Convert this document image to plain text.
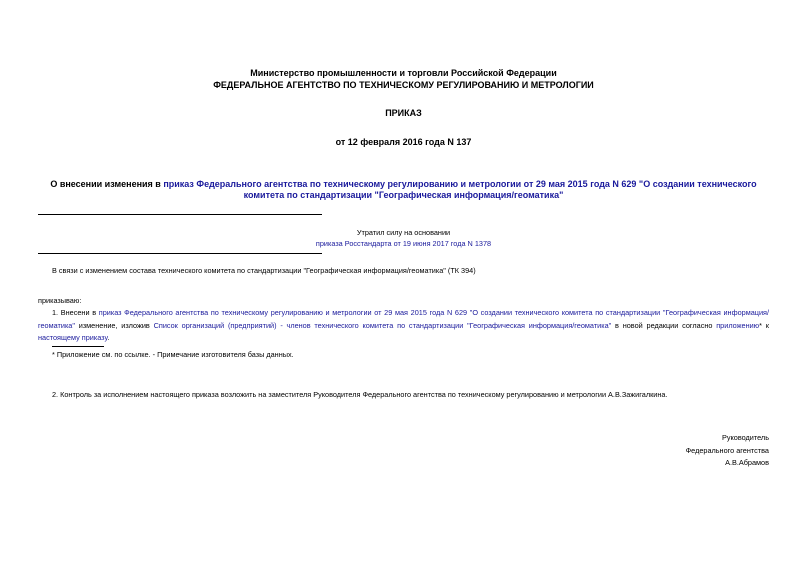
Министерство промышленности и торговли Российской Федерации
ФЕДЕРАЛЬНОЕ АГЕНТСТВО ПО ТЕХНИЧЕСКОМУ РЕГУЛИРОВАНИЮ И МЕТРОЛОГИИ
ПРИКАЗ
от 12 февраля 2016 года N 137
О внесении изменения в приказ Федерального агентства по техническому регулированию и метрологии от 29 мая 2015 года N 629 "О создании технического
комитета по стандартизации "Географическая информация/геоматика"
Утратил силу на основании
приказа Росстандарта от 19 июня 2017 года N 1378
В связи с изменением состава технического комитета по стандартизации "Географическая информация/геоматика" (ТК 394)
приказываю:
1. Внесени в приказ Федерального агентства по техническому регулированию и метрологии от 29 мая 2015 года N 629 "О создании технического комитета по стандартизации "Географическая информация/геоматика" изменение, изложив Список организаций (предприятий) - членов технического комитета по стандартизации "Географическая информация/геоматика" в новой редакции согласно приложению* к настоящему приказу.
* Приложение см. по ссылке. - Примечание изготовителя базы данных.
2. Контроль за исполнением настоящего приказа возложить на заместителя Руководителя Федерального агентства по техническому регулированию и метрологии А.В.Зажигалкина.
Руководитель
Федерального агентства
А.В.Абрамов
